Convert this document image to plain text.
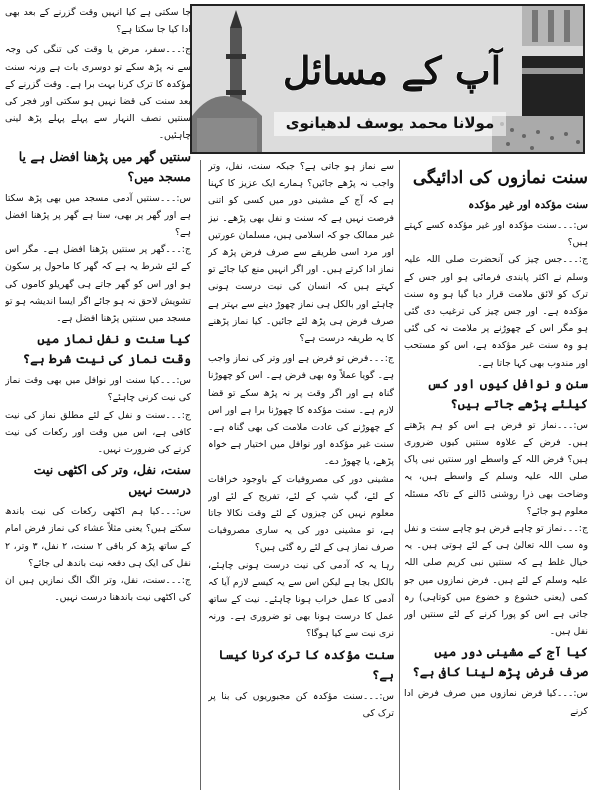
آپ کے مسائل
مولانا محمد یوسف لدھیانوی
سنت نمازوں کی ادائیگی
سنت مؤکدہ اور غیر مؤکدہ

س:۔۔۔سنت مؤکدہ اور غیر مؤکدہ کسے کہتے ہیں؟

ج:۔۔۔جس چیز کی آنحضرت صلی اللہ علیہ وسلم نے اکثر پابندی فرمائی ہو اور جس کے ترک کو لائق ملامت قرار دیا گیا ہو وہ سنت مؤکدہ ہے۔ اور جس چیز کی ترغیب دی گئی ہو مگر اس کے چھوڑنے پر ملامت نہ کی گئی ہو وہ سنت غیر مؤکدہ ہے، اس کو مستحب اور مندوب بھی کہا جاتا ہے۔

سنن و نوافل کیوں اور کس کیلئے پڑھے جاتے ہیں؟

س:۔۔۔نماز تو فرض ہے اس کو ہم پڑھتے ہیں۔ فرض کے علاوہ سنتیں کیوں ضروری ہیں؟ فرض اللہ کے واسطے اور سنتیں نبی پاک صلی اللہ علیہ وسلم کے واسطے ہیں، یہ وضاحت بھی ذرا روشنی ڈالنے کے تاکہ مسئلہ معلوم ہو جائے؟

ج:۔۔۔نماز تو چاہے فرض ہو چاہے سنت و نفل وہ سب اللہ تعالیٰ ہی کے لئے ہوتی ہیں۔ یہ خیال غلط ہے کہ سنتیں نبی کریم صلی اللہ علیہ وسلم کے لئے ہیں۔ فرض نمازوں میں جو کمی (یعنی خشوع و خضوع میں کوتاہی) رہ جاتی ہے اس کو پورا کرنے کے لئے سنتیں اور نفل ہیں۔

کیا آج کے مشینی دور میں صرف فرض پڑھ لینا کافی ہے؟

س:۔۔۔کیا فرض نمازوں میں صرف فرض ادا کرنے

سے نماز ہو جاتی ہے؟ جبکہ سنت، نفل، وتر واجب نہ پڑھے جائیں؟ ہمارے ایک عزیز کا کہنا ہے کہ آج کے مشینی دور میں کسی کو اتنی فرصت نہیں ہے کہ سنت و نفل بھی پڑھے۔ نیز غیر ممالک جو کہ اسلامی ہیں، مسلمان عورتیں اور مرد اسی طریقے سے صرف فرض پڑھ کر نماز ادا کرتے ہیں۔ اور اگر انہیں منع کیا جائے تو کہتے ہیں کہ انسان کی نیت درست ہونی چاہئے اور بالکل ہی نماز چھوڑ دینے سے بہتر ہے صرف فرض ہی پڑھ لئے جائیں۔ کیا نماز پڑھنے کا یہ طریقہ درست ہے؟

ج:۔۔۔فرض تو فرض ہے اور وتر کی نماز واجب ہے۔ گویا عملاً وہ بھی فرض ہے۔ اس کو چھوڑنا گناہ ہے اور اگر وقت پر نہ پڑھ سکے تو قضا لازم ہے۔ سنت مؤکدہ کا چھوڑنا برا ہے اور اس کے چھوڑنے کی عادت ملامت کی بھی گناہ ہے۔ سنت غیر مؤکدہ اور نوافل میں اختیار ہے خواہ پڑھے، یا چھوڑ دے۔

مشینی دور کی مصروفیات کے باوجود خرافات کے لئے، گپ شپ کے لئے، تفریح کے لئے اور معلوم نہیں کن چیزوں کے لئے وقت نکالا جاتا ہے، تو مشینی دور کی یہ ساری مصروفیات صرف نماز ہی کے لئے رہ گئی ہیں؟

رہا یہ کہ آدمی کی نیت درست ہونی چاہئے، بالکل بجا ہے لیکن اس سے یہ کیسے لازم آیا کہ آدمی کا عمل خراب ہونا چاہئے۔ نیت کے ساتھ عمل کا درست ہونا بھی تو ضروری ہے۔ ورنہ نری نیت سے کیا ہوگا؟

سنت مؤکدہ کا ترک کرنا کیسا ہے؟

س:۔۔۔سنت مؤکدہ کن مجبوریوں کی بنا پر ترک کی

جا سکتی ہے کیا انہیں وقت گزرنے کے بعد بھی ادا کیا جا سکتا ہے؟

ج:۔۔۔سفر، مرض یا وقت کی تنگی کی وجہ سے نہ پڑھ سکے تو دوسری بات ہے ورنہ سنت مؤکدہ کا ترک کرنا بہت برا ہے۔ وقت گزرنے کے بعد سنت کی قضا نہیں ہو سکتی اور فجر کی سنتیں نصف النہار سے پہلے پہلے پڑھ لینی چاہئیں۔

سنتیں گھر میں پڑھنا افضل ہے یا مسجد میں؟

س:۔۔۔سنتیں آدمی مسجد میں بھی پڑھ سکتا ہے اور گھر پر بھی، سنا ہے گھر پر پڑھنا افضل ہے؟

ج:۔۔۔گھر پر سنتیں پڑھنا افضل ہے۔ مگر اس کے لئے شرط یہ ہے کہ گھر کا ماحول پر سکون ہو اور اس کو گھر جاتے ہی گھریلو کاموں کی تشویش لاحق نہ ہو جائے اگر ایسا اندیشہ ہو تو مسجد میں سنتیں پڑھنا افضل ہے۔

کیا سنت و نفل نماز میں وقت نماز کی نیت شرط ہے؟

س:۔۔۔کیا سنت اور نوافل میں بھی وقت نماز کی نیت کرنی چاہئے؟

ج:۔۔۔سنت و نفل کے لئے مطلق نماز کی نیت کافی ہے، اس میں وقت اور رکعات کی نیت کرنے کی ضرورت نہیں۔

سنت، نفل، وتر کی اکٹھی نیت درست نہیں

س:۔۔۔کیا ہم اکٹھی رکعات کی نیت باندھ سکتے ہیں؟ یعنی مثلاً عشاء کی نماز فرض امام کے ساتھ پڑھ کر باقی ۲ سنت، ۲ نفل، ۳ وتر، ۲ نفل کی ایک ہی دفعہ نیت باندھ لی جائے؟

ج:۔۔۔سنت، نفل، وتر الگ الگ نمازیں ہیں ان کی اکٹھی نیت باندھنا درست نہیں۔
